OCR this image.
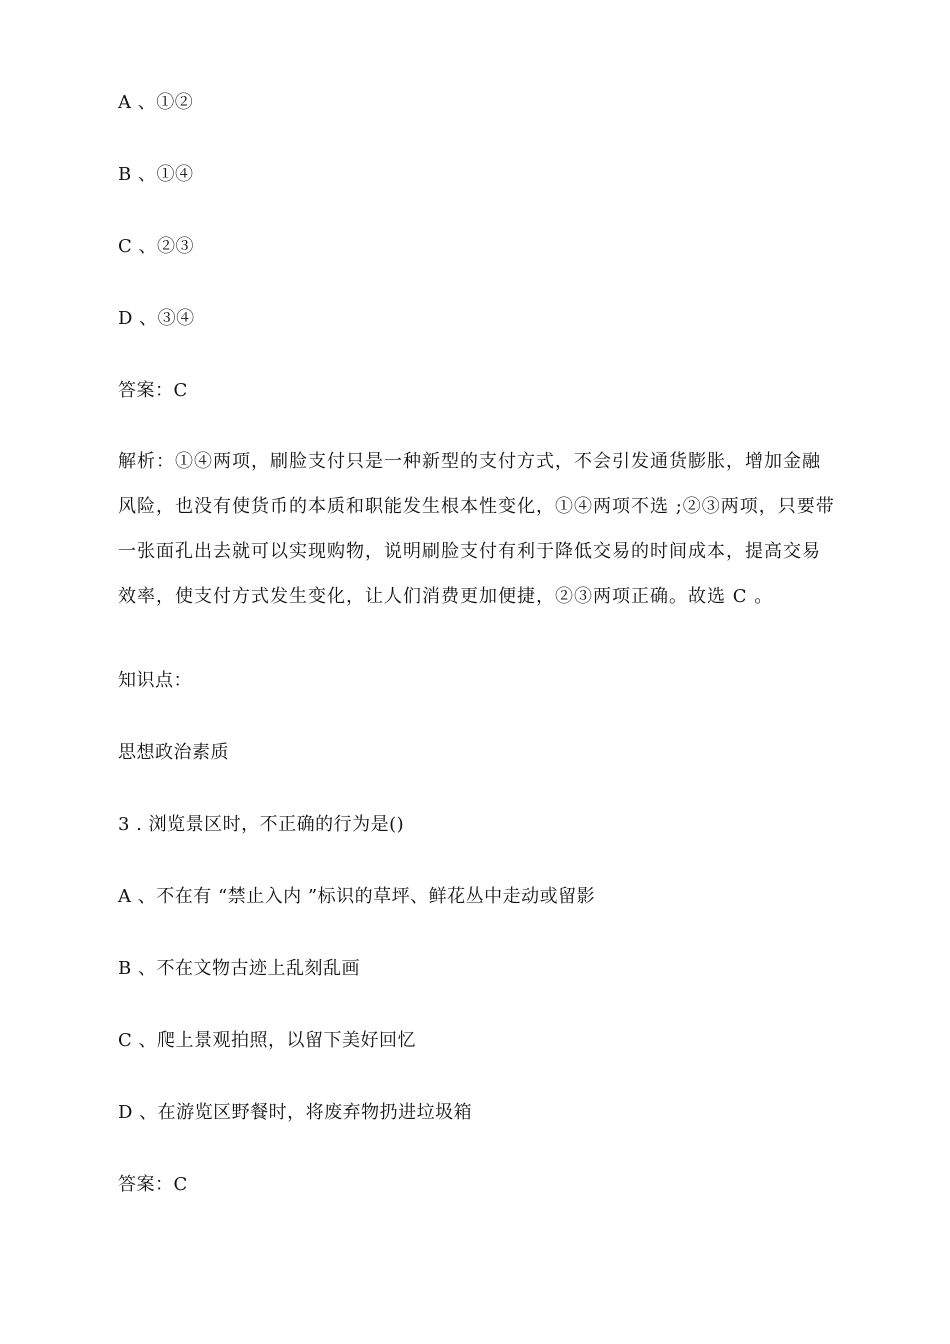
A 、①②
B 、①④
C 、②③
D 、③④
答案：C

解析：①④两项，刷脸支付只是一种新型的支付方式，不会引发通货膨胀，增加金融

风险，也没有使货币的本质和职能发生根本性变化，①④两项不选 ;②③两项，只要带

一张面孔出去就可以实现购物，说明刷脸支付有利于降低交易的时间成本，提高交易

效率，使支付方式发生变化，让人们消费更加便捷，②③两项正确。故选 C 。

知识点：
思想政治素质
3 . 浏览景区时，不正确的行为是()
A 、不在有 “禁止入内 ”标识的草坪、鲜花丛中走动或留影
B 、不在文物古迹上乱刻乱画
C 、爬上景观拍照，以留下美好回忆
D 、在游览区野餐时，将废弃物扔进垃圾箱
答案：C
